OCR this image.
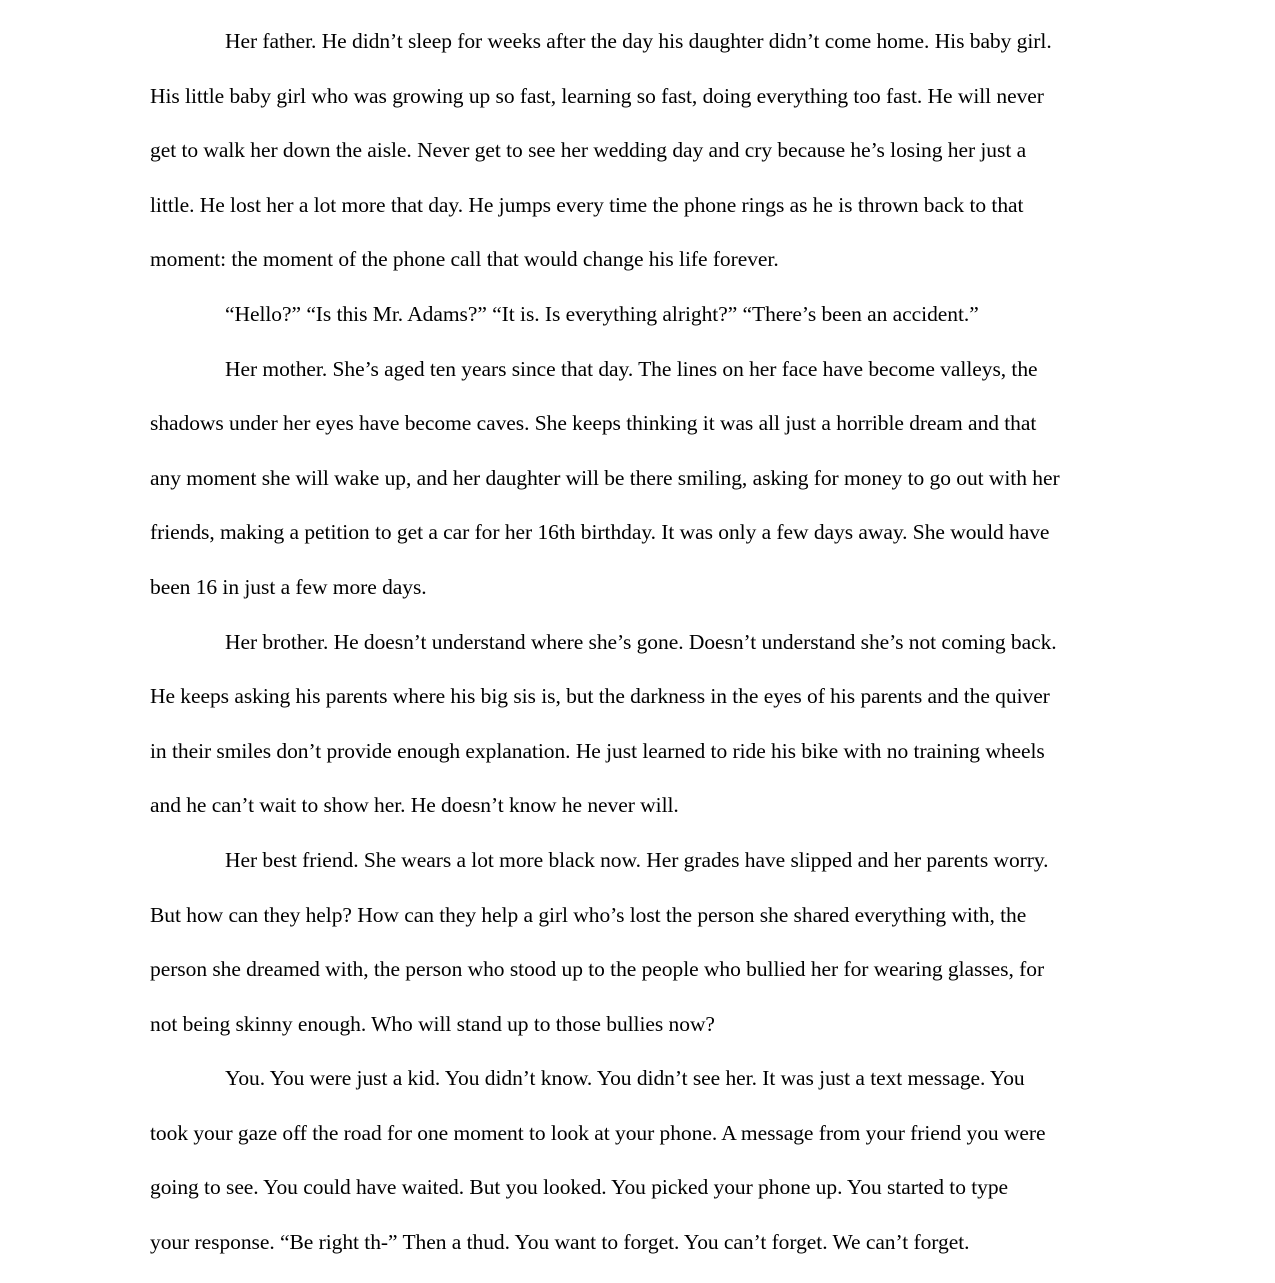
Her father. He didn’t sleep for weeks after the day his daughter didn’t come home. His baby girl.
His little baby girl who was growing up so fast, learning so fast, doing everything too fast. He will never
get to walk her down the aisle. Never get to see her wedding day and cry because he’s losing her just a
little. He lost her a lot more that day. He jumps every time the phone rings as he is thrown back to that
moment: the moment of the phone call that would change his life forever.
“Hello?” “Is this Mr. Adams?” “It is. Is everything alright?” “There’s been an accident.”
Her mother. She’s aged ten years since that day. The lines on her face have become valleys, the
shadows under her eyes have become caves. She keeps thinking it was all just a horrible dream and that
any moment she will wake up, and her daughter will be there smiling, asking for money to go out with her
friends, making a petition to get a car for her 16th birthday. It was only a few days away. She would have
been 16 in just a few more days.
Her brother. He doesn’t understand where she’s gone. Doesn’t understand she’s not coming back.
He keeps asking his parents where his big sis is, but the darkness in the eyes of his parents and the quiver
in their smiles don’t provide enough explanation. He just learned to ride his bike with no training wheels
and he can’t wait to show her. He doesn’t know he never will.
Her best friend. She wears a lot more black now. Her grades have slipped and her parents worry.
But how can they help? How can they help a girl who’s lost the person she shared everything with, the
person she dreamed with, the person who stood up to the people who bullied her for wearing glasses, for
not being skinny enough. Who will stand up to those bullies now?
You. You were just a kid. You didn’t know. You didn’t see her. It was just a text message. You
took your gaze off the road for one moment to look at your phone. A message from your friend you were
going to see. You could have waited. But you looked. You picked your phone up. You started to type
your response. “Be right th-” Then a thud. You want to forget. You can’t forget. We can’t forget.
